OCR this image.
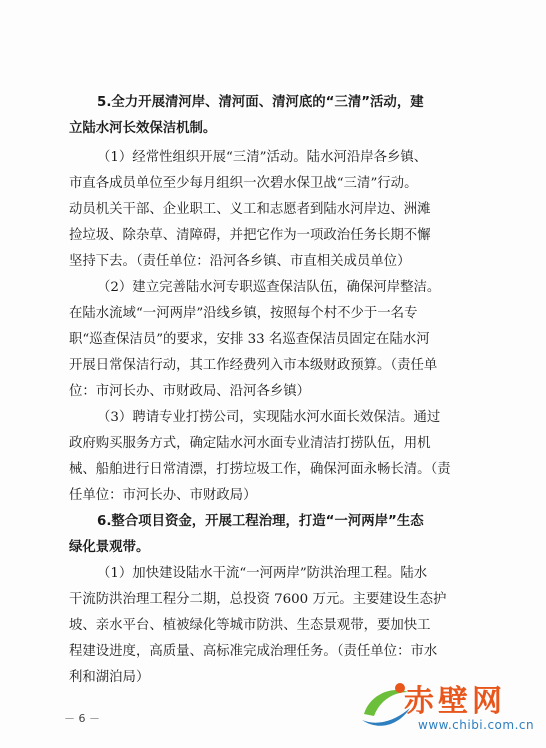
5.全力开展清河岸、清河面、清河底的“三清”活动，建
立陆水河长效保洁机制。
（1）经常性组织开展“三清”活动。陆水河沿岸各乡镇、
市直各成员单位至少每月组织一次碧水保卫战“三清”行动。
动员机关干部、企业职工、义工和志愿者到陆水河岸边、洲滩
捡垃圾、除杂草、清障碍，并把它作为一项政治任务长期不懈
坚持下去。（责任单位：沿河各乡镇、市直相关成员单位）
（2）建立完善陆水河专职巡查保洁队伍，确保河岸整洁。
在陆水流域“一河两岸”沿线乡镇，按照每个村不少于一名专
职“巡查保洁员”的要求，安排 33 名巡查保洁员固定在陆水河
开展日常保洁行动，其工作经费列入市本级财政预算。（责任单
位：市河长办、市财政局、沿河各乡镇）
（3）聘请专业打捞公司，实现陆水河水面长效保洁。通过
政府购买服务方式，确定陆水河水面专业清洁打捞队伍，用机
械、船舶进行日常清漂，打捞垃圾工作，确保河面永畅长清。（责
任单位：市河长办、市财政局）
6.整合项目资金，开展工程治理，打造“一河两岸”生态
绿化景观带。
（1）加快建设陆水干流“一河两岸”防洪治理工程。陆水
干流防洪治理工程分二期，总投资 7600 万元。主要建设生态护
坡、亲水平台、植被绿化等城市防洪、生态景观带，要加快工
程建设进度，高质量、高标准完成治理任务。（责任单位：市水
利和湖泊局）
－ 6 －	赤壁网
www.chibi.com.cn
